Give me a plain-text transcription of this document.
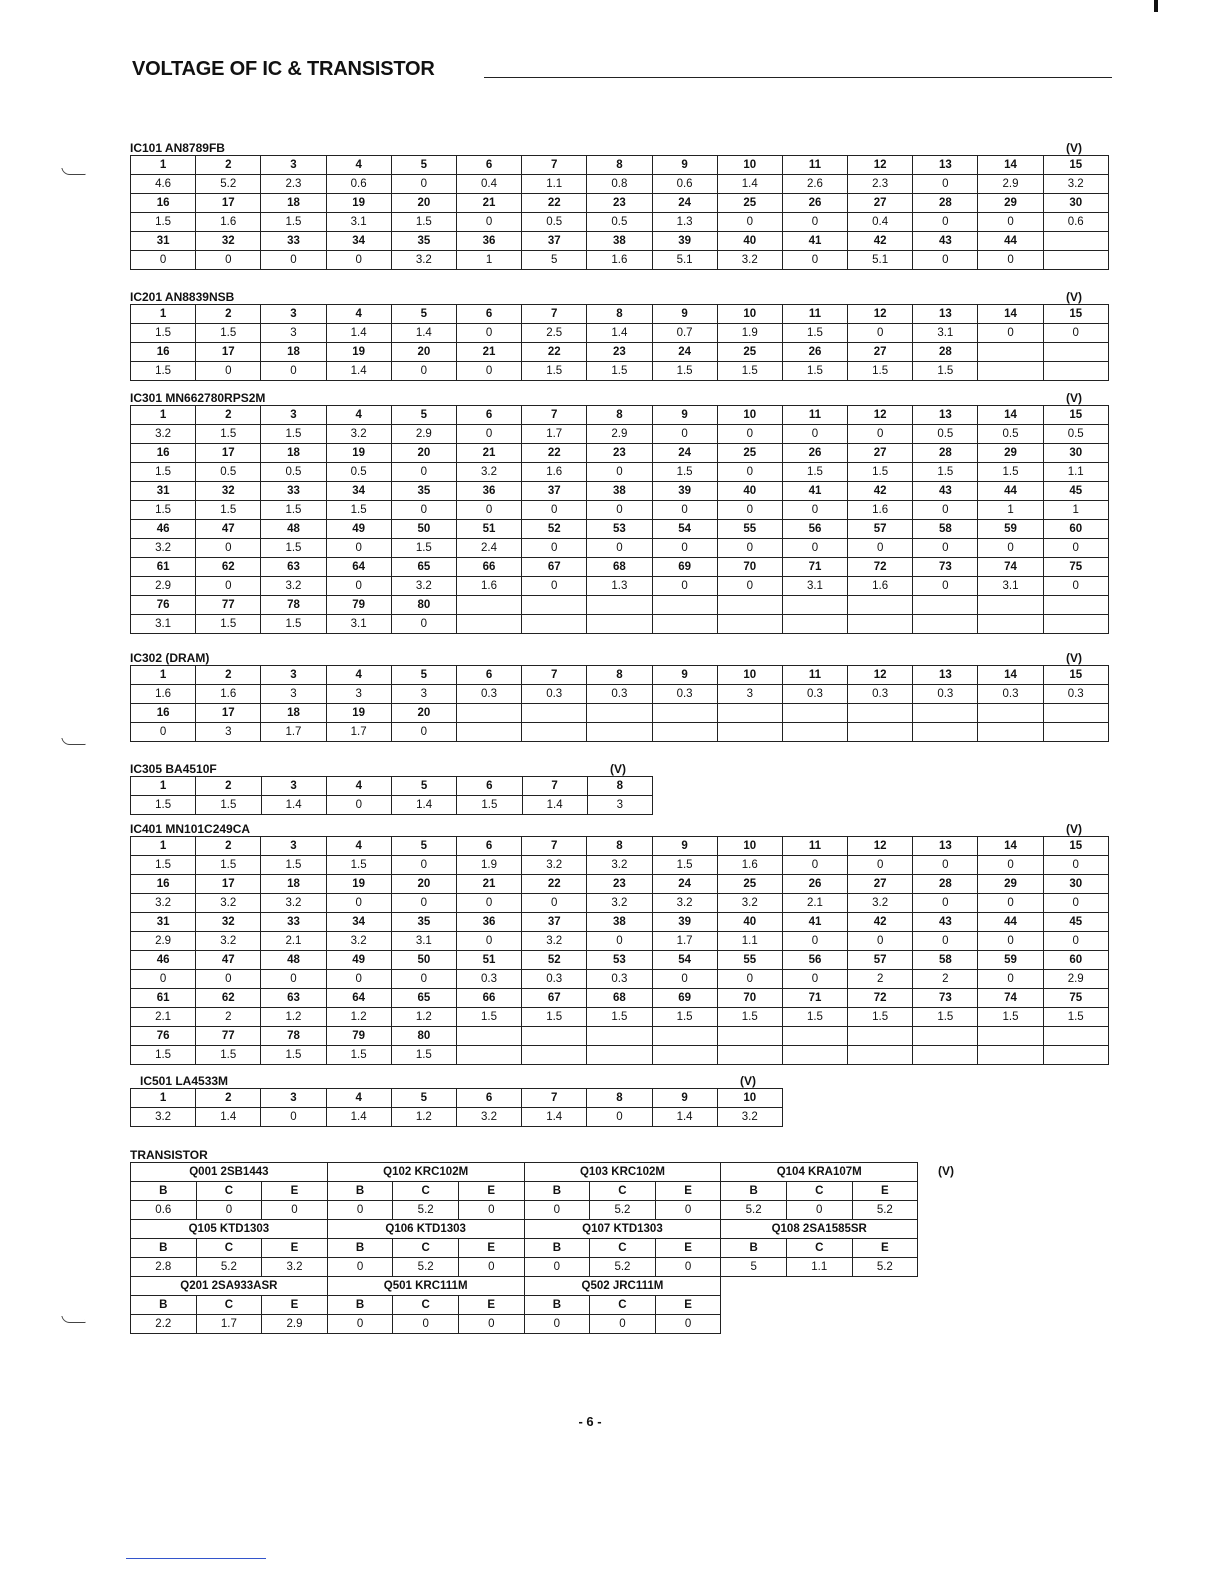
VOLTAGE OF IC & TRANSISTOR
IC101 AN8789FB	(V)
1	2	3	4	5	6	7	8	9	10	11	12	13	14	15
4.6	5.2	2.3	0.6	0	0.4	1.1	0.8	0.6	1.4	2.6	2.3	0	2.9	3.2
16	17	18	19	20	21	22	23	24	25	26	27	28	29	30
1.5	1.6	1.5	3.1	1.5	0	0.5	0.5	1.3	0	0	0.4	0	0	0.6
31	32	33	34	35	36	37	38	39	40	41	42	43	44	
0	0	0	0	3.2	1	5	1.6	5.1	3.2	0	5.1	0	0	
IC201 AN8839NSB	(V)
1	2	3	4	5	6	7	8	9	10	11	12	13	14	15
1.5	1.5	3	1.4	1.4	0	2.5	1.4	0.7	1.9	1.5	0	3.1	0	0
16	17	18	19	20	21	22	23	24	25	26	27	28		
1.5	0	0	1.4	0	0	1.5	1.5	1.5	1.5	1.5	1.5	1.5		
IC301 MN662780RPS2M	(V)
1	2	3	4	5	6	7	8	9	10	11	12	13	14	15
3.2	1.5	1.5	3.2	2.9	0	1.7	2.9	0	0	0	0	0.5	0.5	0.5
16	17	18	19	20	21	22	23	24	25	26	27	28	29	30
1.5	0.5	0.5	0.5	0	3.2	1.6	0	1.5	0	1.5	1.5	1.5	1.5	1.1
31	32	33	34	35	36	37	38	39	40	41	42	43	44	45
1.5	1.5	1.5	1.5	0	0	0	0	0	0	0	1.6	0	1	1
46	47	48	49	50	51	52	53	54	55	56	57	58	59	60
3.2	0	1.5	0	1.5	2.4	0	0	0	0	0	0	0	0	0
61	62	63	64	65	66	67	68	69	70	71	72	73	74	75
2.9	0	3.2	0	3.2	1.6	0	1.3	0	0	3.1	1.6	0	3.1	0
76	77	78	79	80										
3.1	1.5	1.5	3.1	0										
IC302 (DRAM)	(V)
1	2	3	4	5	6	7	8	9	10	11	12	13	14	15
1.6	1.6	3	3	3	0.3	0.3	0.3	0.3	3	0.3	0.3	0.3	0.3	0.3
16	17	18	19	20										
0	3	1.7	1.7	0										
IC305 BA4510F	(V)
1	2	3	4	5	6	7	8
1.5	1.5	1.4	0	1.4	1.5	1.4	3
IC401 MN101C249CA	(V)
1	2	3	4	5	6	7	8	9	10	11	12	13	14	15
1.5	1.5	1.5	1.5	0	1.9	3.2	3.2	1.5	1.6	0	0	0	0	0
16	17	18	19	20	21	22	23	24	25	26	27	28	29	30
3.2	3.2	3.2	0	0	0	0	3.2	3.2	3.2	2.1	3.2	0	0	0
31	32	33	34	35	36	37	38	39	40	41	42	43	44	45
2.9	3.2	2.1	3.2	3.1	0	3.2	0	1.7	1.1	0	0	0	0	0
46	47	48	49	50	51	52	53	54	55	56	57	58	59	60
0	0	0	0	0	0.3	0.3	0.3	0	0	0	2	2	0	2.9
61	62	63	64	65	66	67	68	69	70	71	72	73	74	75
2.1	2	1.2	1.2	1.2	1.5	1.5	1.5	1.5	1.5	1.5	1.5	1.5	1.5	1.5
76	77	78	79	80										
1.5	1.5	1.5	1.5	1.5										
IC501 LA4533M	(V)
1	2	3	4	5	6	7	8	9	10
3.2	1.4	0	1.4	1.2	3.2	1.4	0	1.4	3.2
TRANSISTOR
Q001 2SB1443			Q102 KRC102M			Q103 KRC102M			Q104 KRA107M		
B	C	E	B	C	E	B	C	E	B	C	E
0.6	0	0	0	5.2	0	0	5.2	0	5.2	0	5.2
Q105 KTD1303			Q106 KTD1303			Q107 KTD1303			Q108 2SA1585SR		
B	C	E	B	C	E	B	C	E	B	C	E
2.8	5.2	3.2	0	5.2	0	0	5.2	0	5	1.1	5.2
Q201 2SA933ASR			Q501 KRC111M			Q502 JRC111M					
B	C	E	B	C	E	B	C	E			
2.2	1.7	2.9	0	0	0	0	0	0			
(V)
- 6 -
